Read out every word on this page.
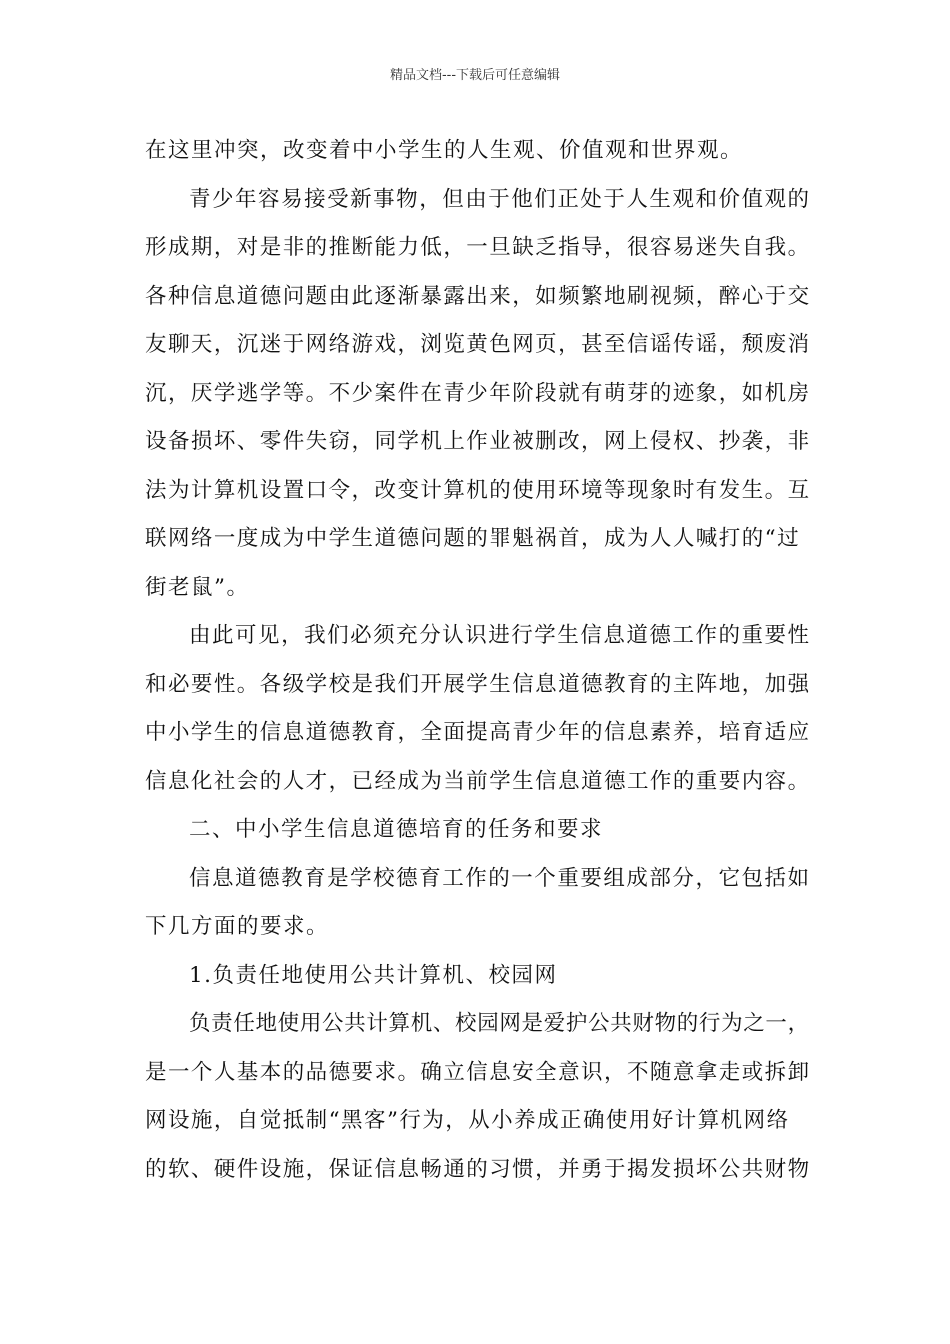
精品文档---下载后可任意编辑
在这里冲突，改变着中小学生的人生观、价值观和世界观。
青少年容易接受新事物，但由于他们正处于人生观和价值观的
形成期，对是非的推断能力低，一旦缺乏指导，很容易迷失自我。
各种信息道德问题由此逐渐暴露出来，如频繁地刷视频，醉心于交
友聊天，沉迷于网络游戏，浏览黄色网页，甚至信谣传谣，颓废消
沉，厌学逃学等。不少案件在青少年阶段就有萌芽的迹象，如机房
设备损坏、零件失窃，同学机上作业被删改，网上侵权、抄袭，非
法为计算机设置口令，改变计算机的使用环境等现象时有发生。互
联网络一度成为中学生道德问题的罪魁祸首，成为人人喊打的“过
街老鼠”。
由此可见，我们必须充分认识进行学生信息道德工作的重要性
和必要性。各级学校是我们开展学生信息道德教育的主阵地，加强
中小学生的信息道德教育，全面提高青少年的信息素养，培育适应
信息化社会的人才，已经成为当前学生信息道德工作的重要内容。
二、中小学生信息道德培育的任务和要求
信息道德教育是学校德育工作的一个重要组成部分，它包括如
下几方面的要求。
1.负责任地使用公共计算机、校园网
负责任地使用公共计算机、校园网是爱护公共财物的行为之一，
是一个人基本的品德要求。确立信息安全意识，不随意拿走或拆卸
网设施，自觉抵制“黑客”行为，从小养成正确使用好计算机网络
的软、硬件设施，保证信息畅通的习惯，并勇于揭发损坏公共财物
